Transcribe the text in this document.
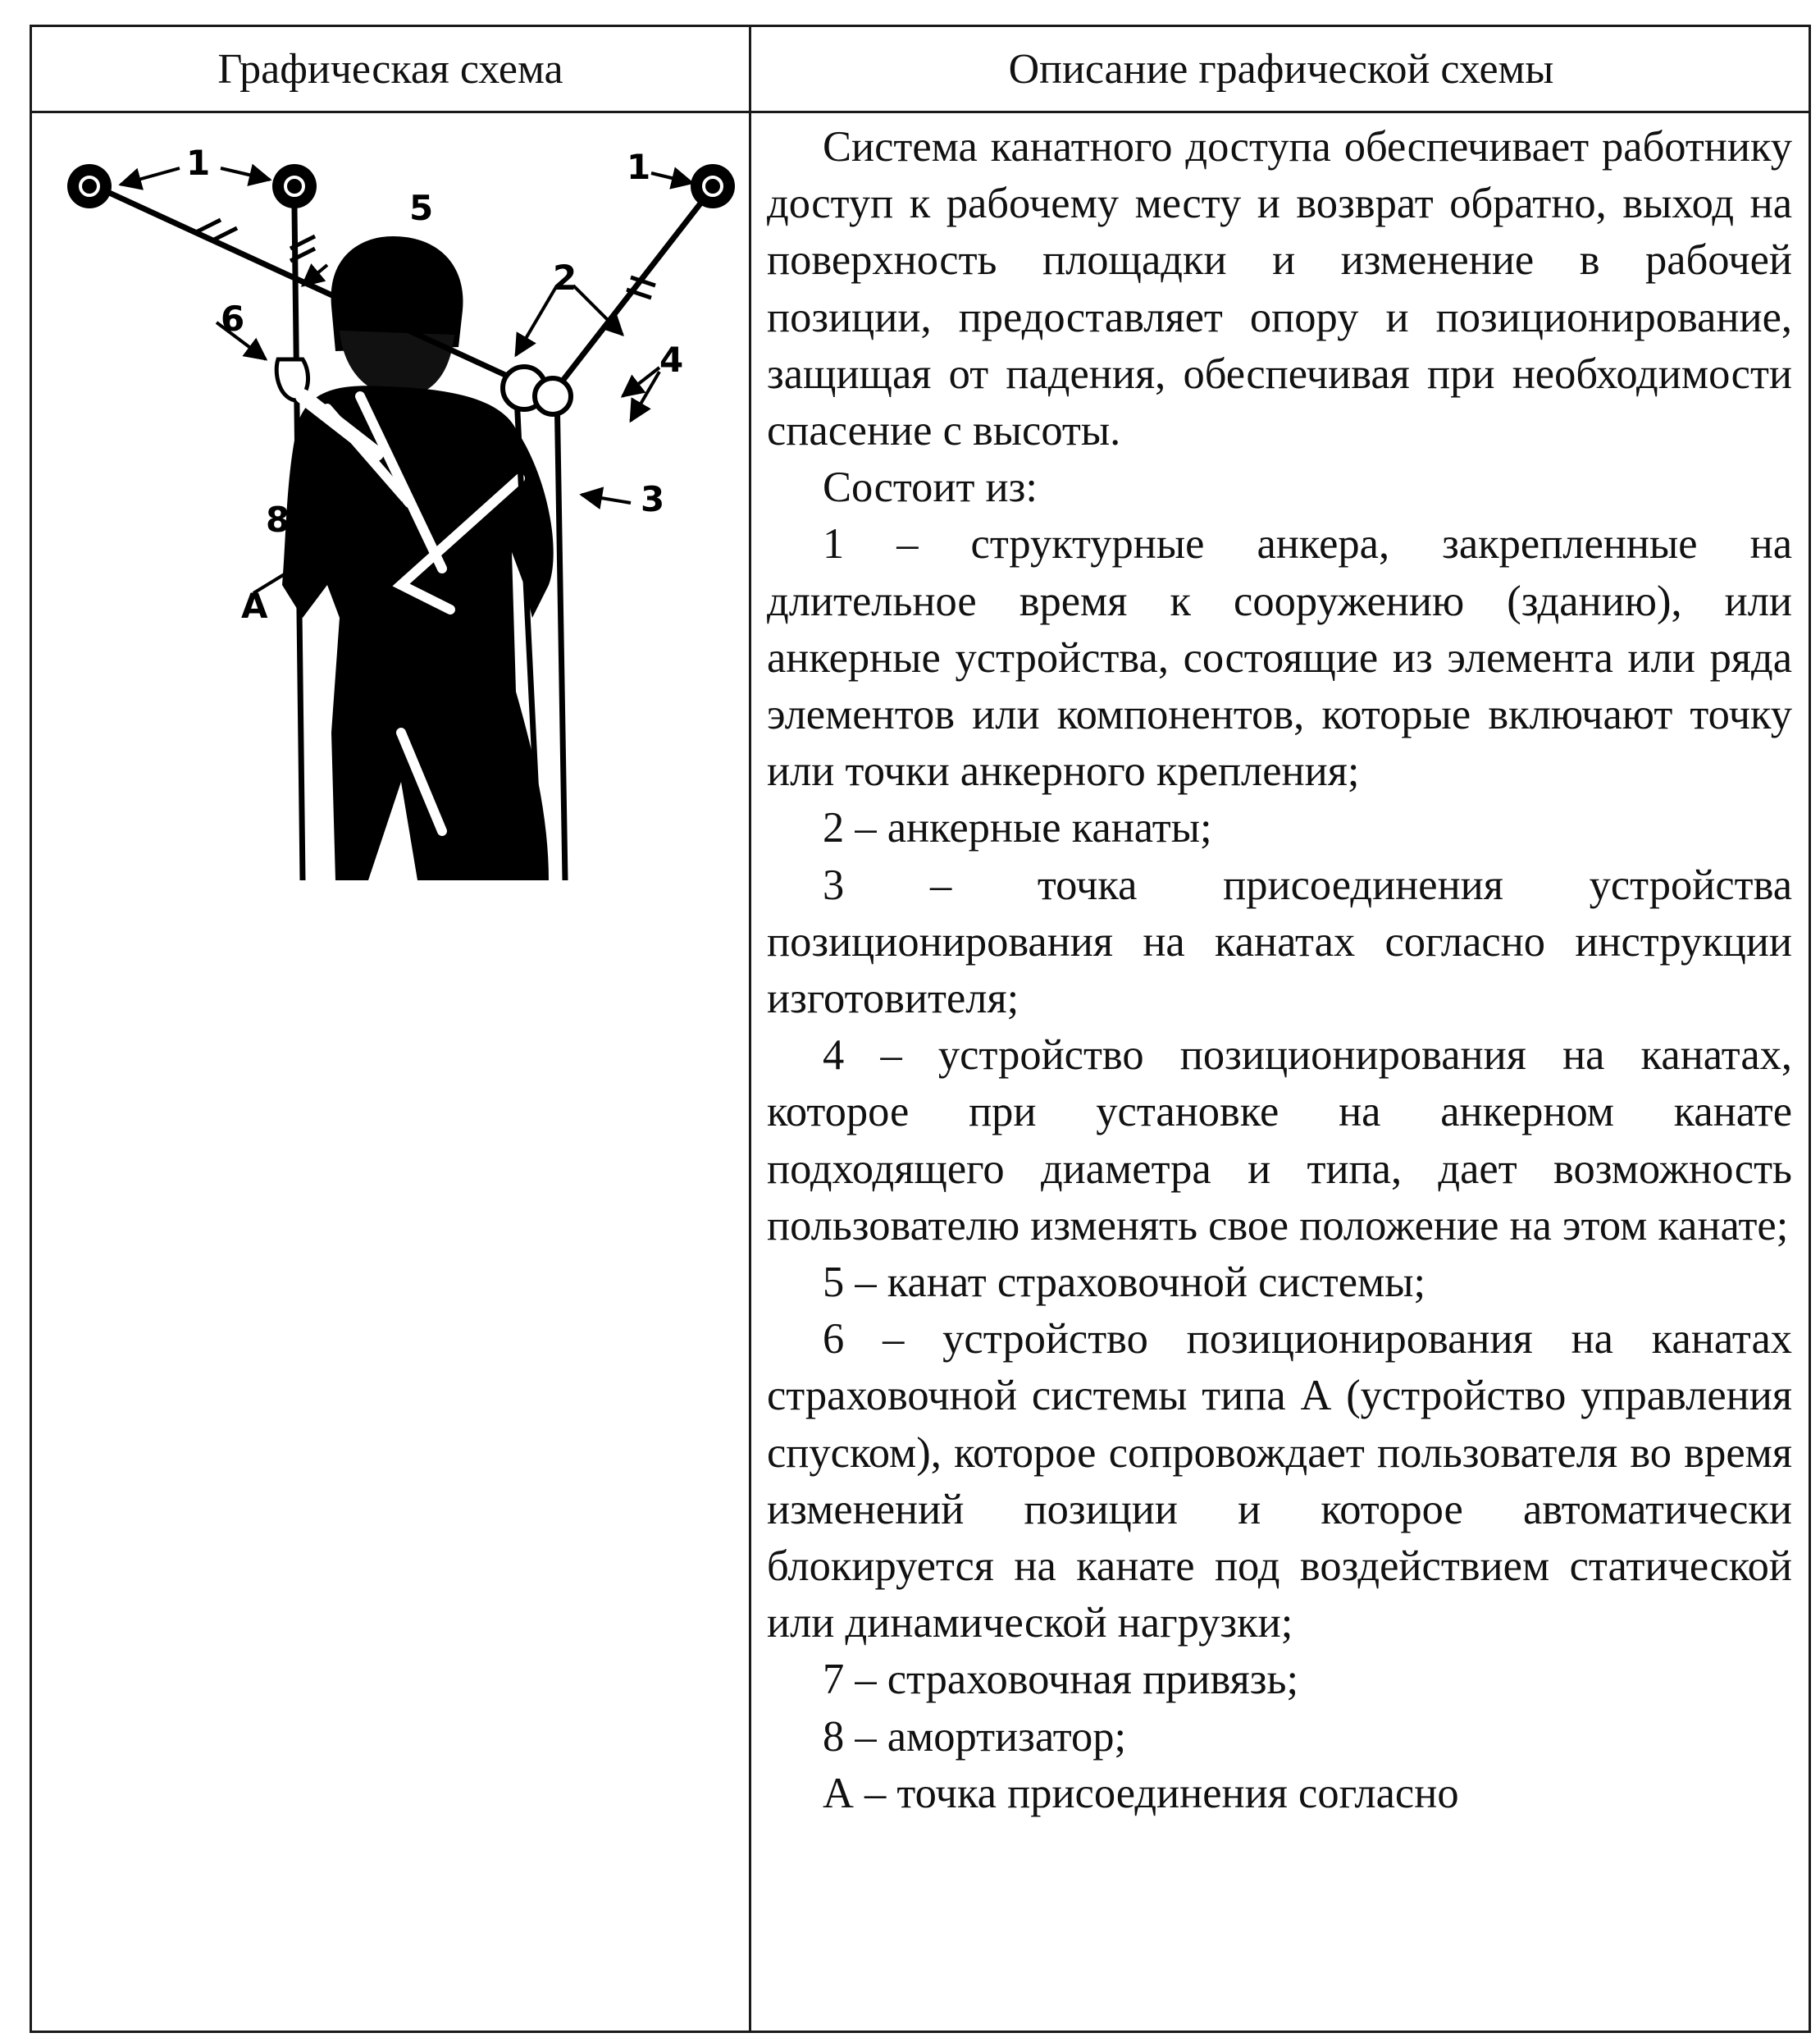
Графическая схема	Описание графической схемы
1	1
2
3
4
5
6
7
8
А

Система канатного доступа обеспечивает работнику доступ к рабочему месту и возврат обратно, выход на поверхность площадки и изменение в рабочей позиции, предоставляет опору и позиционирование, защищая от падения, обеспечивая при необходимости спасение с высоты.

Состоит из:

1 – структурные анкера, закрепленные на длительное время к сооружению (зданию), или анкерные устройства, состоящие из элемента или ряда элементов или компонентов, которые включают точку или точки анкерного крепления;

2 – анкерные канаты;

3 – точка присоединения устройства позиционирования на канатах согласно инструкции изготовителя;

4 – устройство позиционирования на канатах, которое при установке на анкерном канате подходящего диаметра и типа, дает возможность пользователю изменять свое положение на этом канате;

5 – канат страховочной системы;

6 – устройство позиционирования на канатах страховочной системы типа А (устройство управления спуском), которое сопровождает пользователя во время изменений позиции и которое автоматически блокируется на канате под воздействием статической или динамической нагрузки;

7 – страховочная привязь;

8 – амортизатор;

А – точка присоединения согласно
